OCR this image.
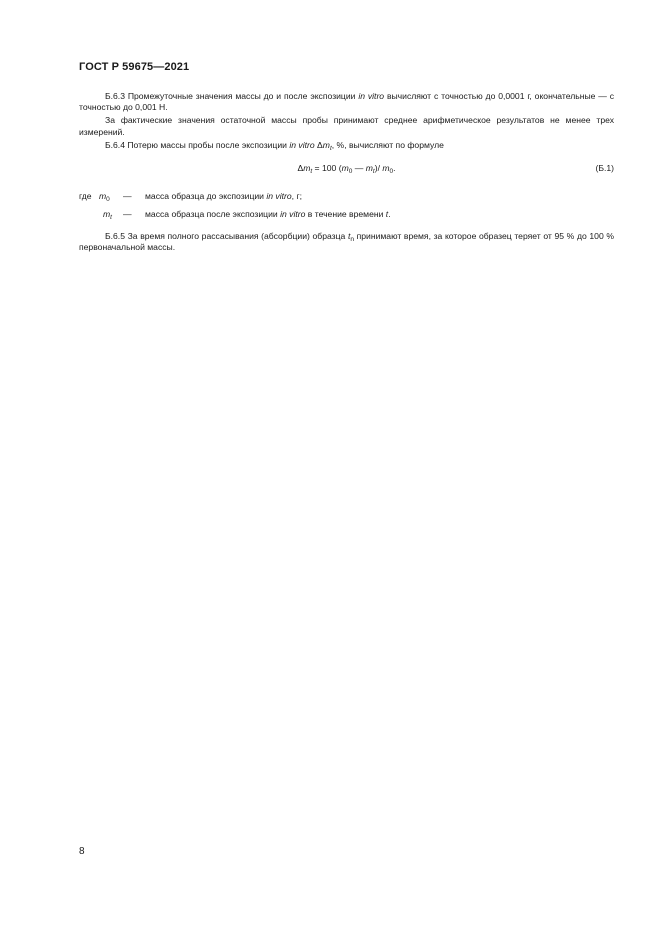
ГОСТ Р 59675—2021

Б.6.3 Промежуточные значения массы до и после экспозиции in vitro вычисляют с точностью до 0,0001 г, окончательные — с точностью до 0,001 Н.

За фактические значения остаточной массы пробы принимают среднее арифметическое результатов не менее трех измерений.

Б.6.4 Потерю массы пробы после экспозиции in vitro $\Delta m_t$, %, вычисляют по формуле

$\Delta m_t = 100$ ($m_0$ — $m_t)/$ $m_0$.	(Б.1)
где $m_0$	— масса образца до экспозиции in vitro, г;
$m_t$	— масса образца после экспозиции in vitro в течение времени t.

Б.6.5 За время полного рассасывания (абсорбции) образца $t_n$ принимают время, за которое образец теряет от 95 % до 100 % первоначальной массы.

8
